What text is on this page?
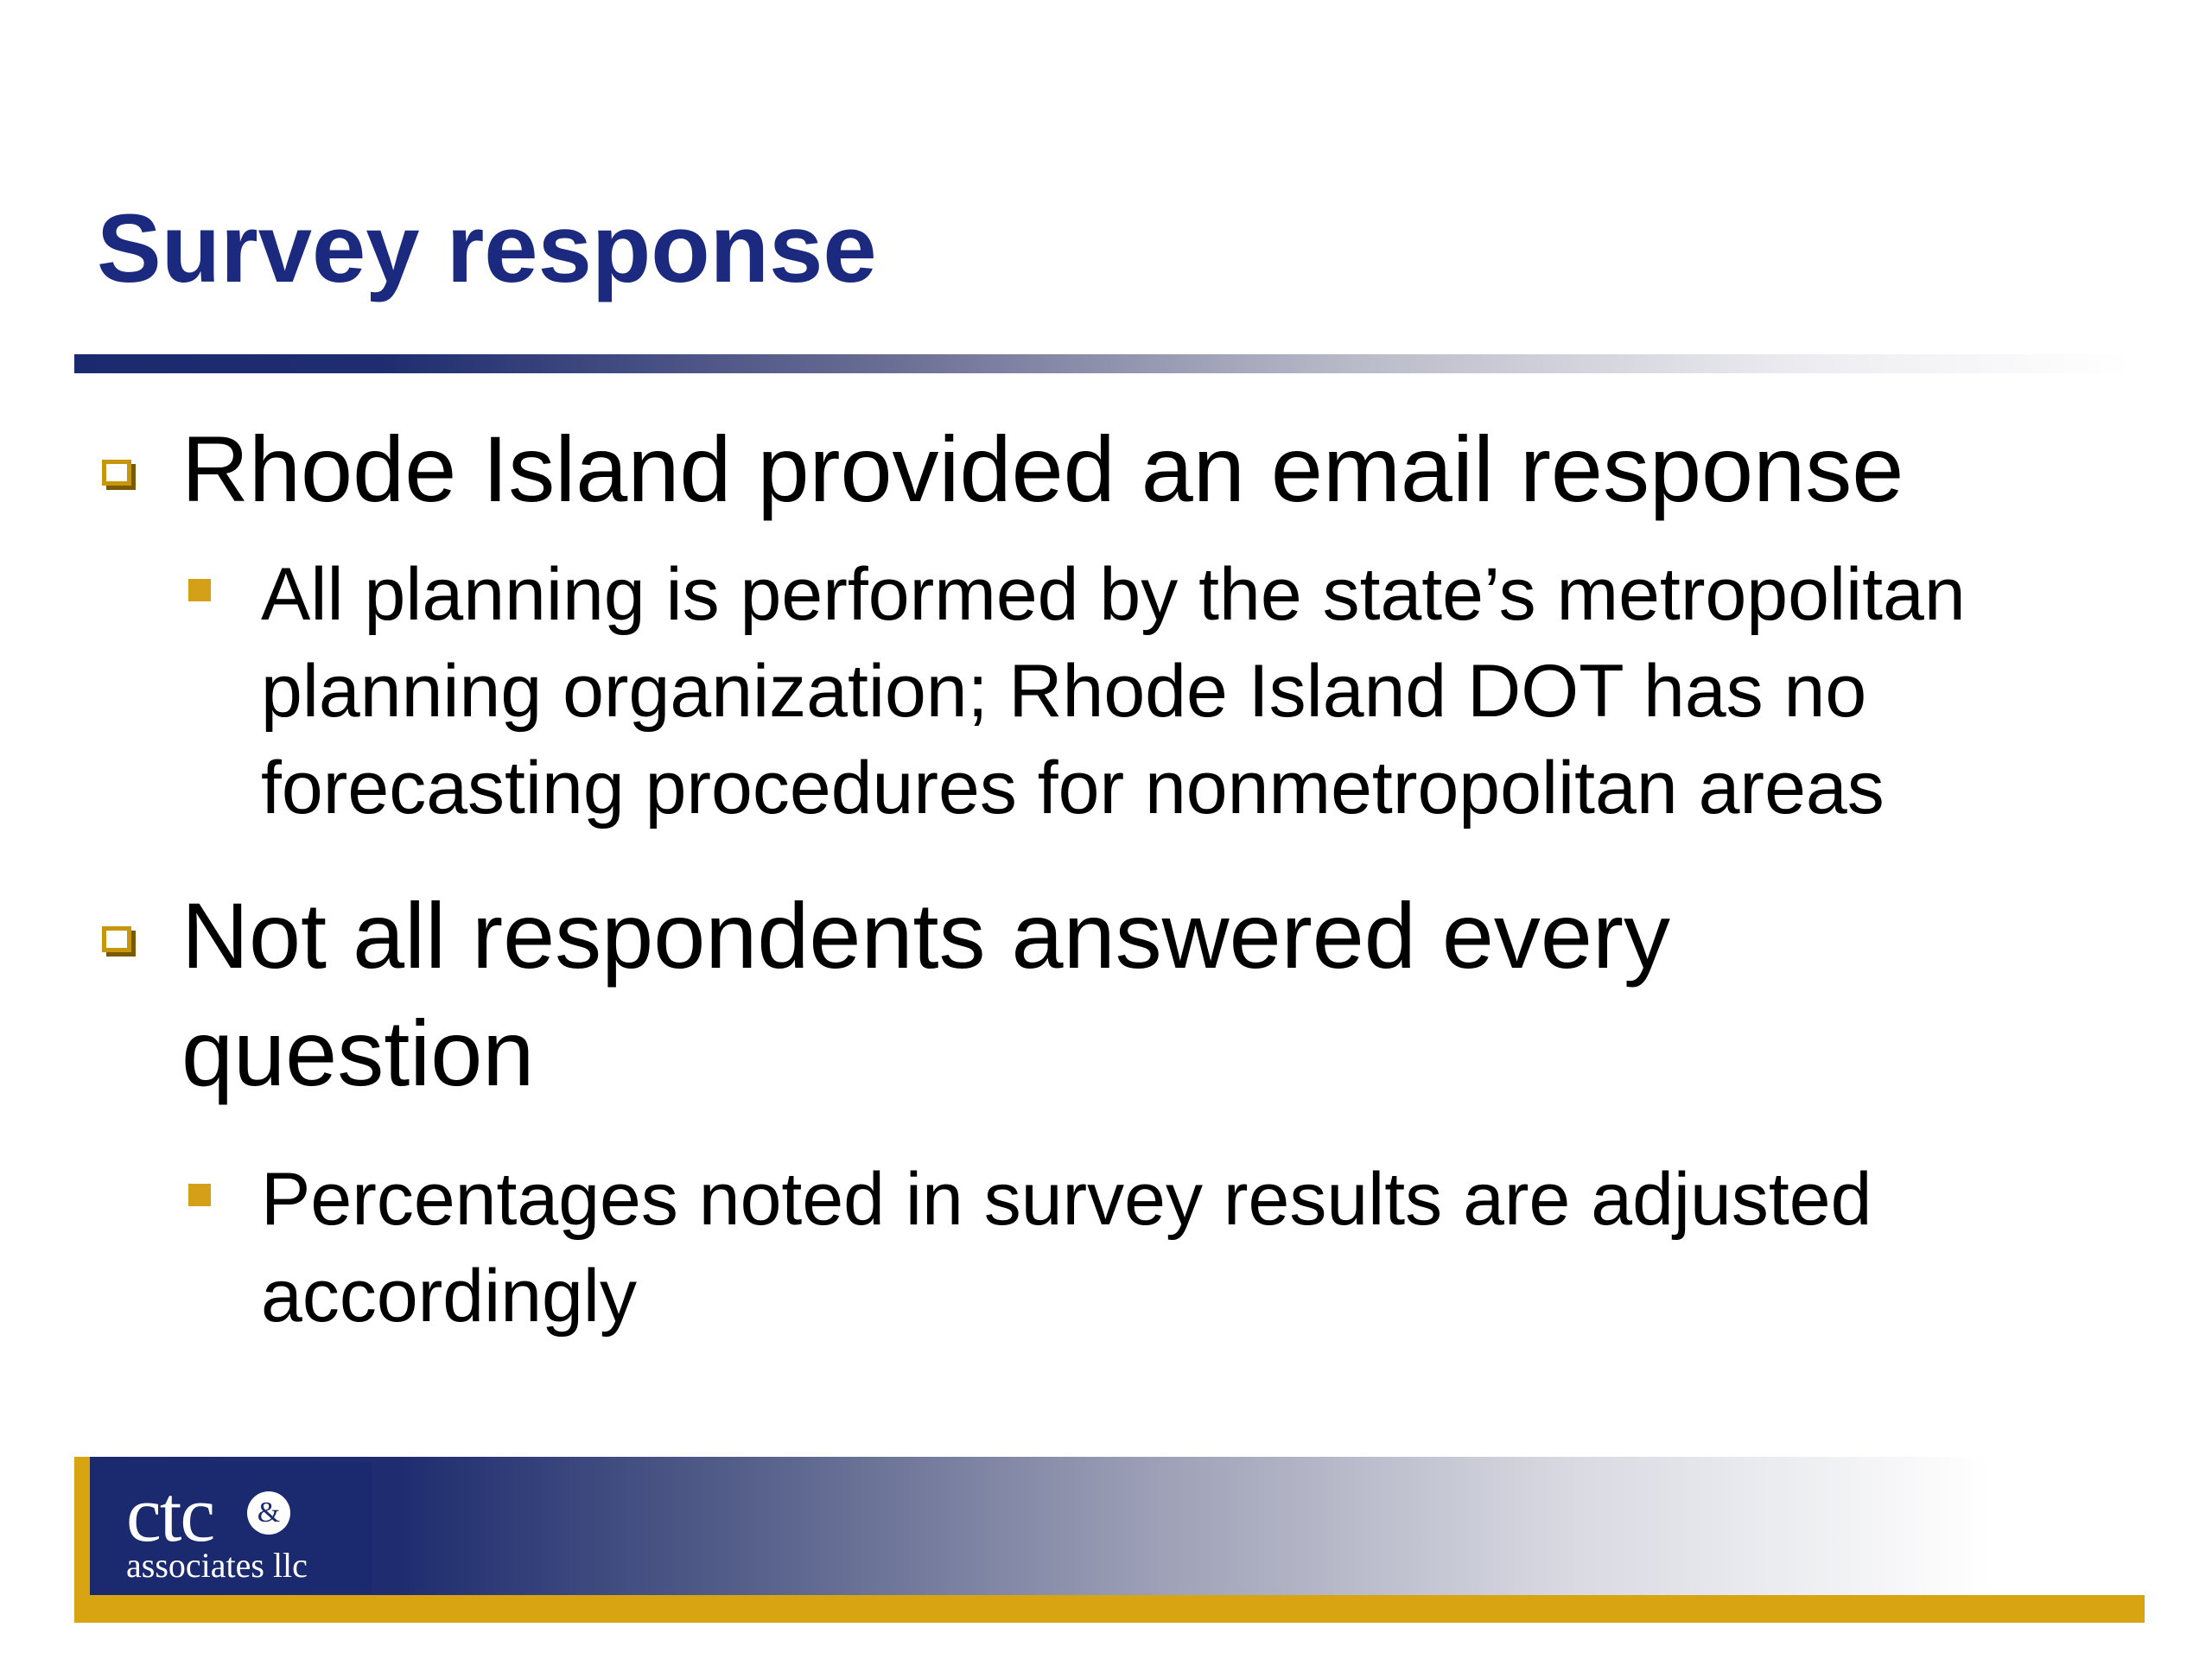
Survey response
Rhode Island provided an email response
All planning is performed by the state’s metropolitan
planning organization; Rhode Island DOT has no
forecasting procedures for nonmetropolitan areas
Not all respondents answered every
question
Percentages noted in survey results are adjusted
accordingly
ctc	&
associates llc
